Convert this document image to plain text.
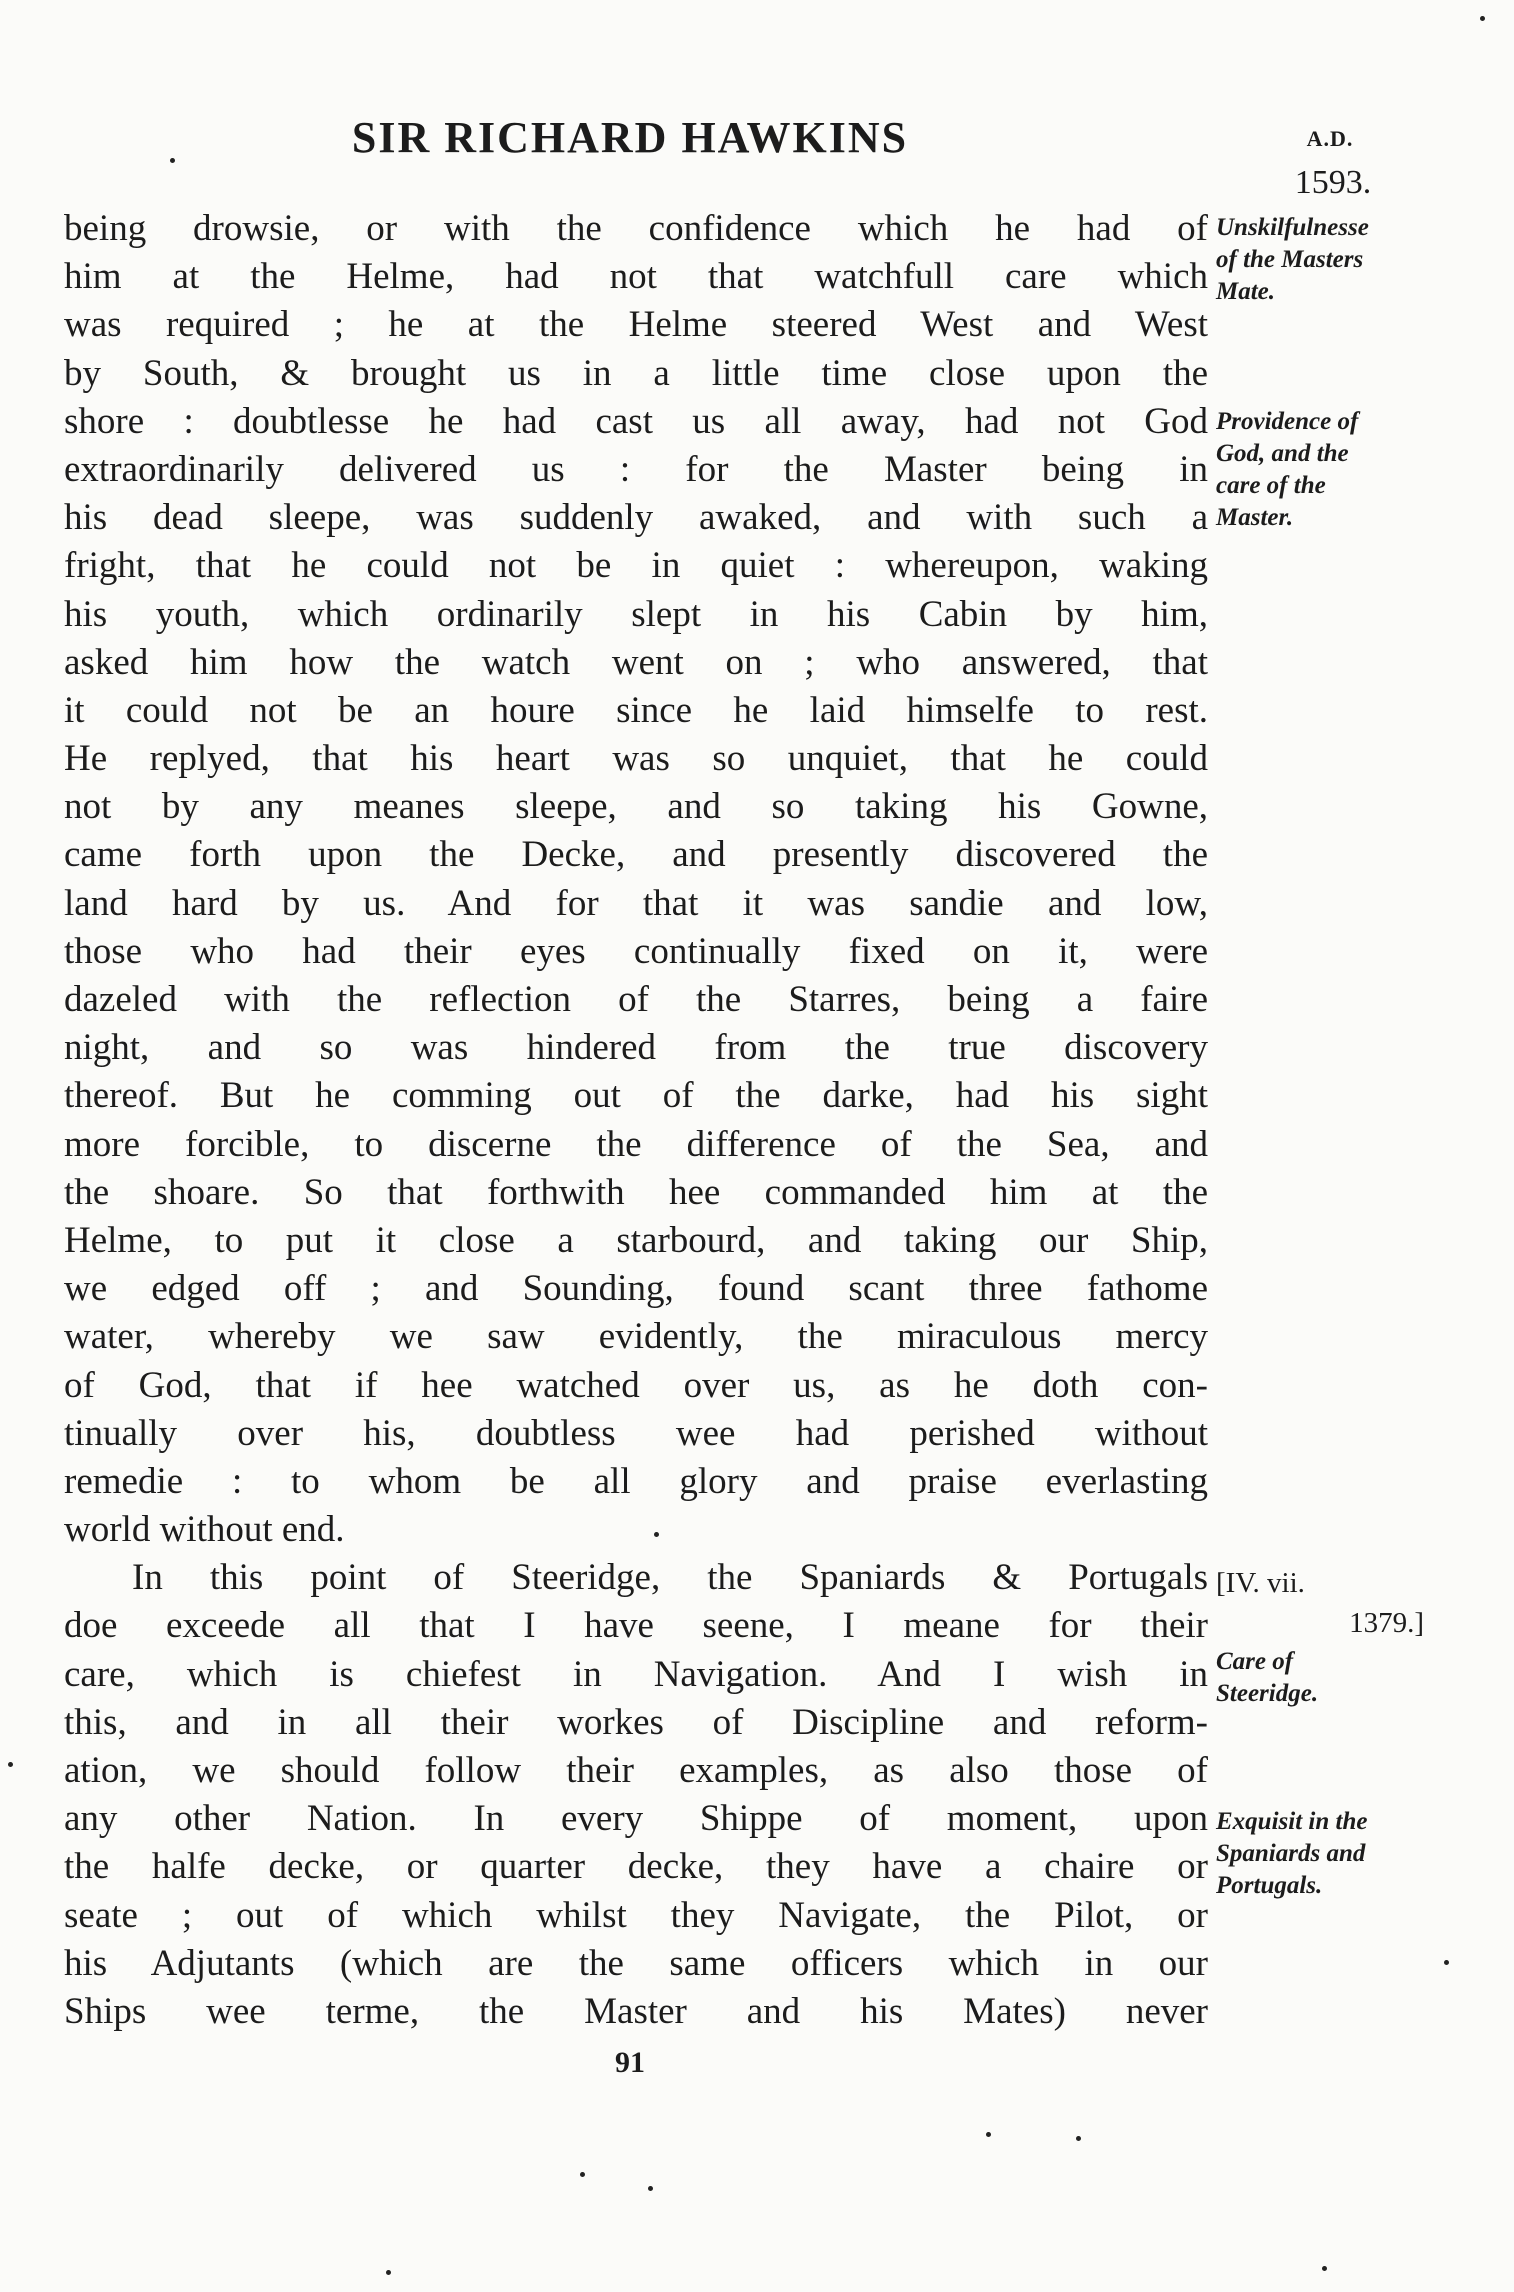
SIR RICHARD HAWKINS	A.D.
1593.
being drowsie, or with the confidence which he had of
him at the Helme, had not that watchfull care which
was required ; he at the Helme steered West and West
by South, & brought us in a little time close upon the
shore : doubtlesse he had cast us all away, had not God
extraordinarily delivered us : for the Master being in
his dead sleepe, was suddenly awaked, and with such a
fright, that he could not be in quiet : whereupon, waking
his youth, which ordinarily slept in his Cabin by him,
asked him how the watch went on ; who answered, that
it could not be an houre since he laid himselfe to rest.
He replyed, that his heart was so unquiet, that he could
not by any meanes sleepe, and so taking his Gowne,
came forth upon the Decke, and presently discovered the
land hard by us. And for that it was sandie and low,
those who had their eyes continually fixed on it, were
dazeled with the reflection of the Starres, being a faire
night, and so was hindered from the true discovery
thereof. But he comming out of the darke, had his sight
more forcible, to discerne the difference of the Sea, and
the shoare. So that forthwith hee commanded him at the
Helme, to put it close a starbourd, and taking our Ship,
we edged off ; and Sounding, found scant three fathome
water, whereby we saw evidently, the miraculous mercy
of God, that if hee watched over us, as he doth con-
tinually over his, doubtless wee had perished without
remedie : to whom be all glory and praise everlasting
world without end.
In this point of Steeridge, the Spaniards & Portugals
doe exceede all that I have seene, I meane for their
care, which is chiefest in Navigation. And I wish in
this, and in all their workes of Discipline and reform-
ation, we should follow their examples, as also those of
any other Nation. In every Shippe of moment, upon
the halfe decke, or quarter decke, they have a chaire or
seate ; out of which whilst they Navigate, the Pilot, or
his Adjutants (which are the same officers which in our
Ships wee terme, the Master and his Mates) never
Unskilfulnesse
of the Masters
Mate.
Providence of
God, and the
care of the
Master.
[IV. vii.
1379.]
Care of
Steeridge.
Exquisit in the
Spaniards and
Portugals.
91
